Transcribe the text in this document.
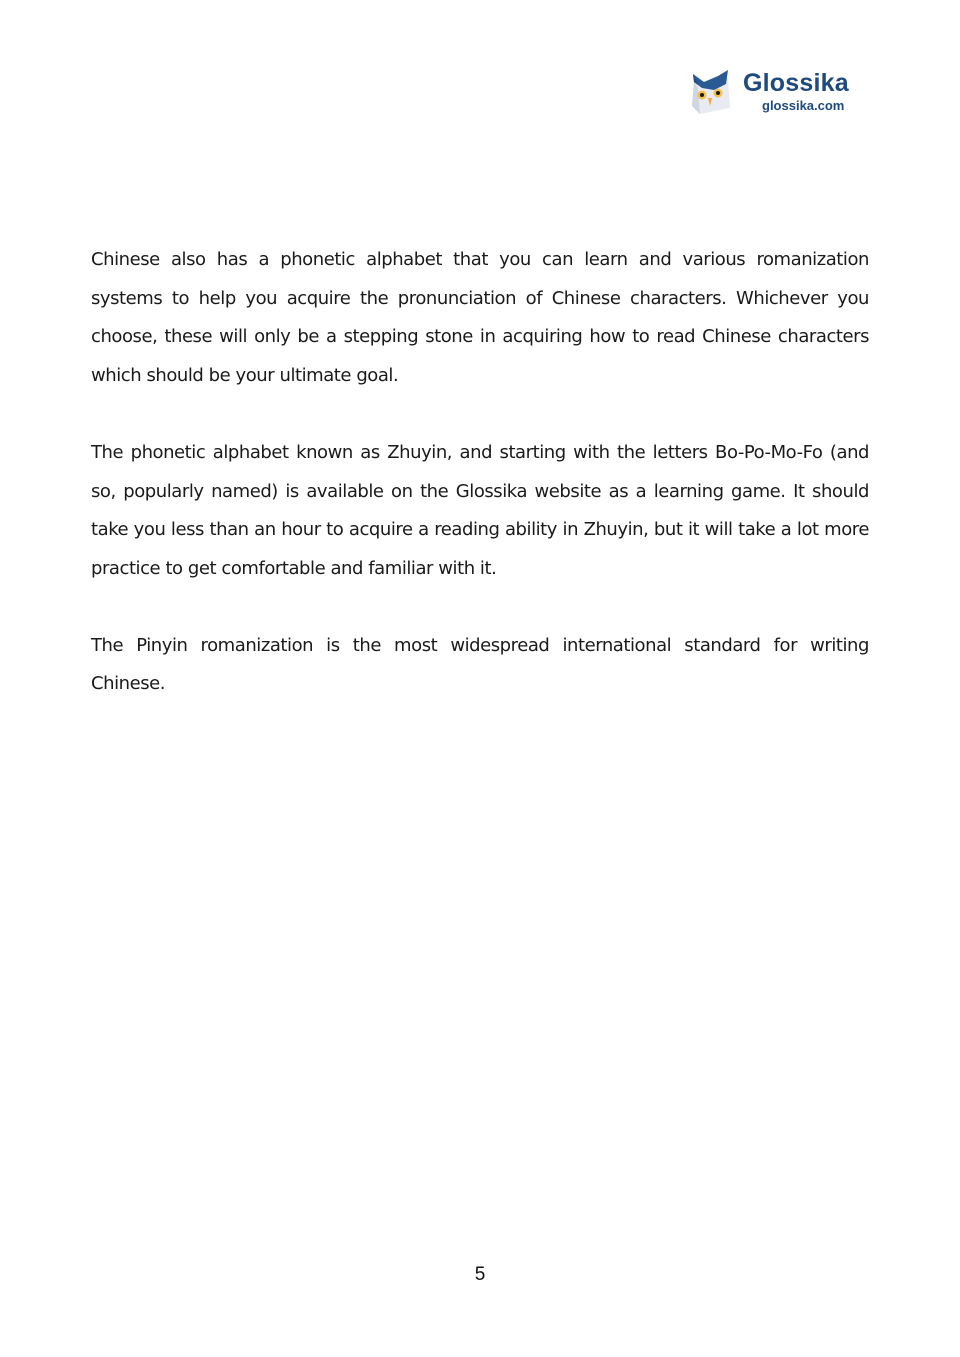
Glossika
glossika.com

Chinese also has a phonetic alphabet that you can learn and various romanization systems to help you acquire the pronunciation of Chinese characters. Whichever you choose, these will only be a stepping stone in acquiring how to read Chinese characters which should be your ultimate goal.

The phonetic alphabet known as Zhuyin, and starting with the letters Bo-Po-Mo-Fo (and so, popularly named) is available on the Glossika website as a learning game. It should take you less than an hour to acquire a reading ability in Zhuyin, but it will take a lot more practice to get comfortable and familiar with it.

The Pinyin romanization is the most widespread international standard for writing Chinese.

5
